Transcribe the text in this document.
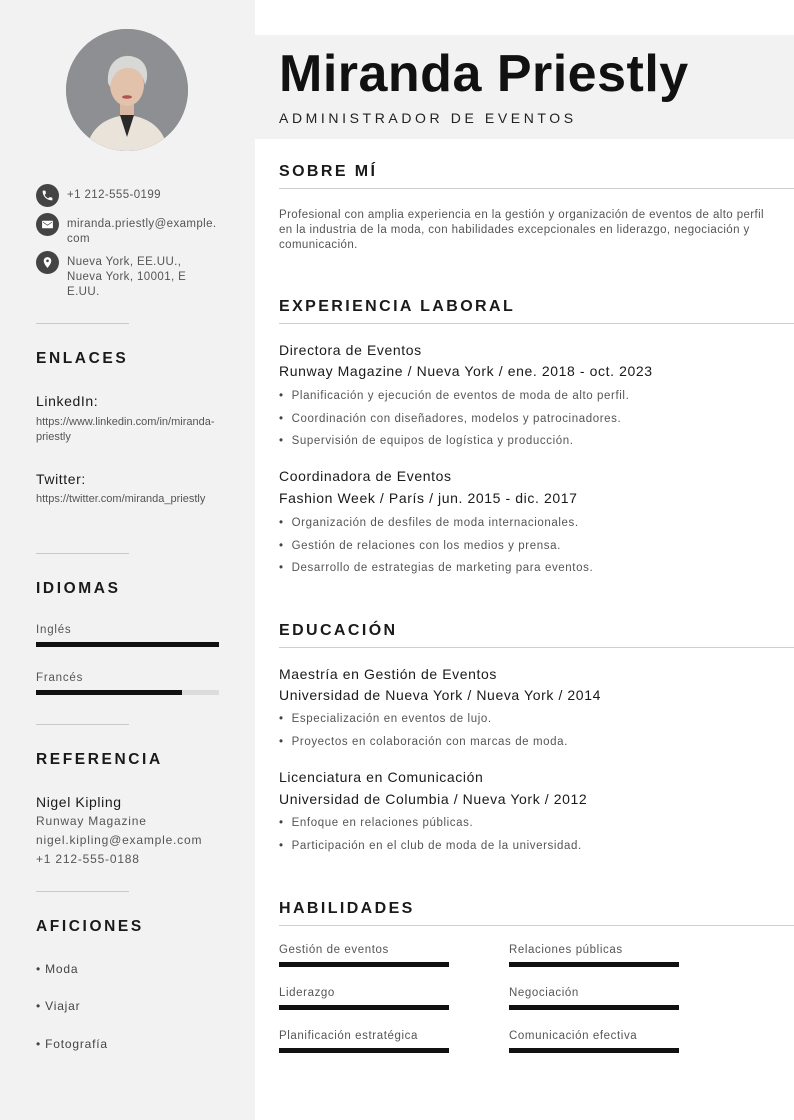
+1 212-555-0199
miranda.priestly@example.com
Nueva York, EE.UU., Nueva York, 10001, EE.UU.
ENLACES
LinkedIn:
https://www.linkedin.com/in/miranda-priestly
Twitter:
https://twitter.com/miranda_priestly
IDIOMAS
Inglés
Francés
REFERENCIA
Nigel Kipling
Runway Magazine
nigel.kipling@example.com
+1 212-555-0188
AFICIONES
• Moda
• Viajar
• Fotografía
Miranda Priestly
ADMINISTRADOR DE EVENTOS
SOBRE MÍ
Profesional con amplia experiencia en la gestión y organización de eventos de alto perfil en la industria de la moda, con habilidades excepcionales en liderazgo, negociación y comunicación.
EXPERIENCIA LABORAL
Directora de Eventos
Runway Magazine / Nueva York / ene. 2018 - oct. 2023
• Planificación y ejecución de eventos de moda de alto perfil.
• Coordinación con diseñadores, modelos y patrocinadores.
• Supervisión de equipos de logística y producción.
Coordinadora de Eventos
Fashion Week / París / jun. 2015 - dic. 2017
• Organización de desfiles de moda internacionales.
• Gestión de relaciones con los medios y prensa.
• Desarrollo de estrategias de marketing para eventos.
EDUCACIÓN
Maestría en Gestión de Eventos
Universidad de Nueva York / Nueva York / 2014
• Especialización en eventos de lujo.
• Proyectos en colaboración con marcas de moda.
Licenciatura en Comunicación
Universidad de Columbia / Nueva York / 2012
• Enfoque en relaciones públicas.
• Participación en el club de moda de la universidad.
HABILIDADES
Gestión de eventos	Relaciones públicas
Liderazgo	Negociación
Planificación estratégica	Comunicación efectiva
